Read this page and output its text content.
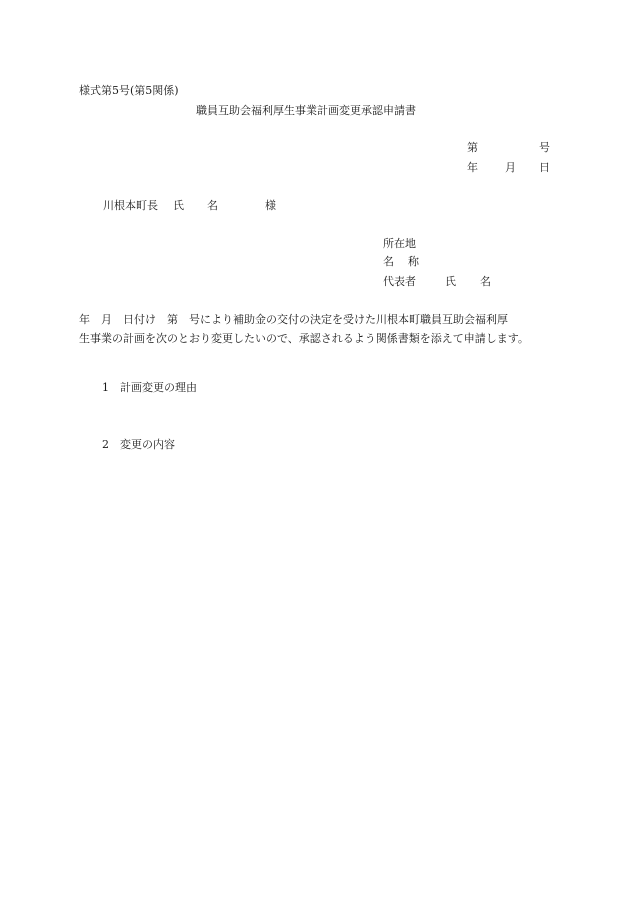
様式第5号(第5関係)
職員互助会福利厚生事業計画変更承認申請書
第	号
年 月 日
川根本町長 氏 名	様
所在地
名 称
代表者	氏 名
年　月　日付け　第　号により補助金の交付の決定を受けた川根本町職員互助会福利厚
生事業の計画を次のとおり変更したいので、承認されるよう関係書類を添えて申請します。

1　 計画変更の理由

2　 変更の内容
